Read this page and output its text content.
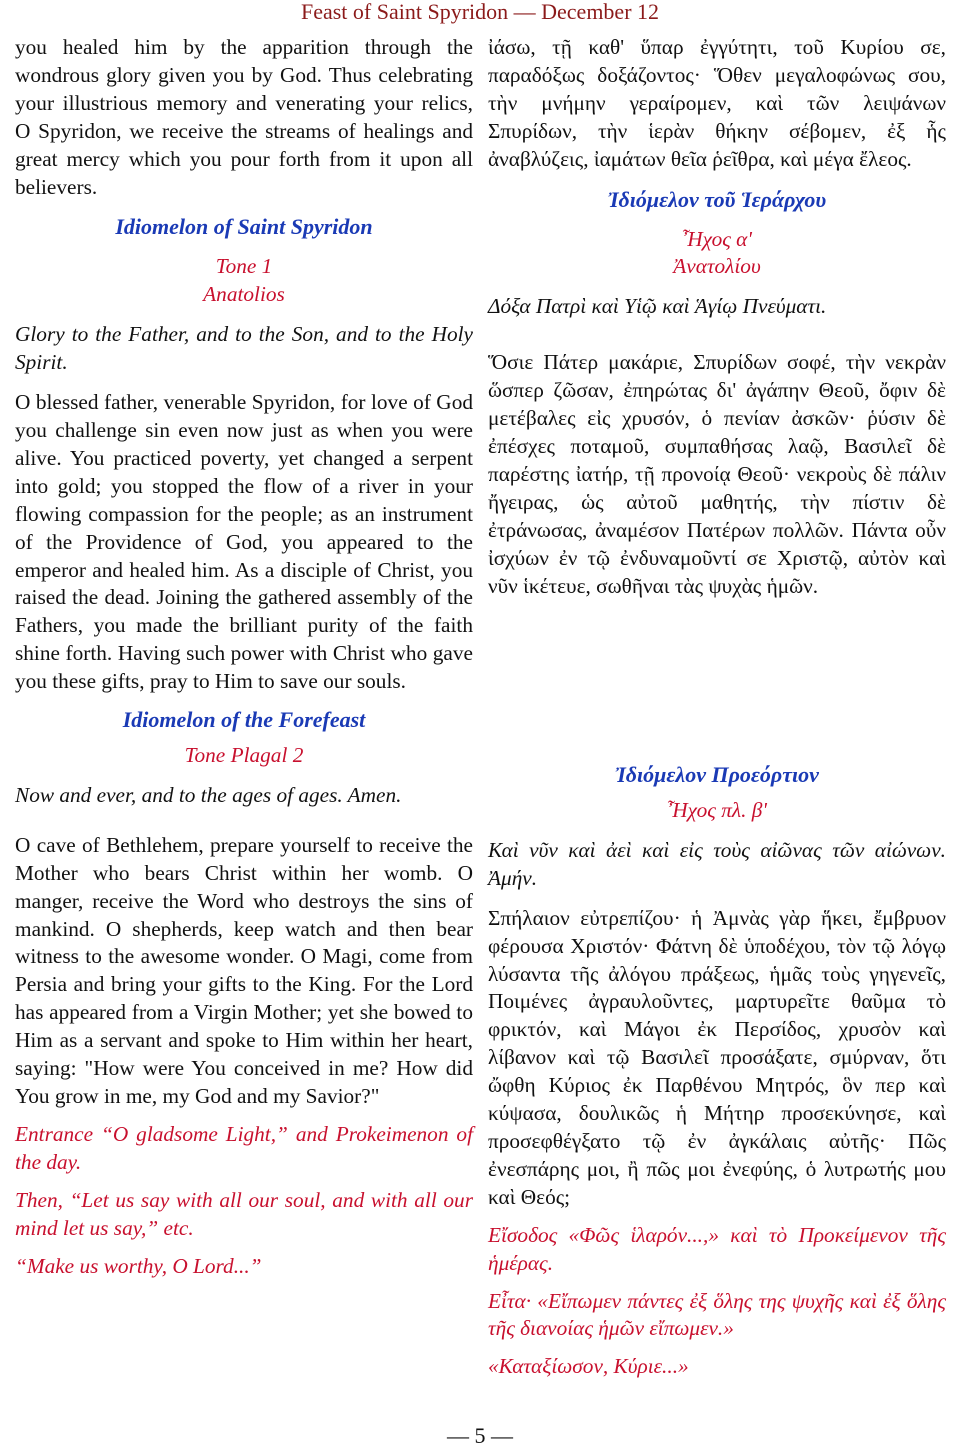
Feast of Saint Spyridon — December 12

you healed him by the apparition through the wondrous glory given you by God. Thus celebrating your illustrious memory and venerating your relics, O Spyridon, we receive the streams of healings and great mercy which you pour forth from it upon all believers.

Idiomelon of Saint Spyridon

Tone 1

Anatolios

Glory to the Father, and to the Son, and to the Holy Spirit.

O blessed father, venerable Spyridon, for love of God you challenge sin even now just as when you were alive. You practiced poverty, yet changed a serpent into gold; you stopped the flow of a river in your flowing compassion for the people; as an instrument of the Providence of God, you appeared to the emperor and healed him. As a disciple of Christ, you raised the dead. Joining the gathered assembly of the Fathers, you made the brilliant purity of the faith shine forth. Having such power with Christ who gave you these gifts, pray to Him to save our souls.

Idiomelon of the Forefeast

Tone Plagal 2

Now and ever, and to the ages of ages. Amen.

O cave of Bethlehem, prepare yourself to receive the Mother who bears Christ within her womb. O manger, receive the Word who destroys the sins of mankind. O shepherds, keep watch and then bear witness to the awesome wonder. O Magi, come from Persia and bring your gifts to the King. For the Lord has appeared from a Virgin Mother; yet she bowed to Him as a servant and spoke to Him within her heart, saying: "How were You conceived in me? How did You grow in me, my God and my Savior?"

Entrance “O gladsome Light,” and Prokeimenon of the day.

Then, “Let us say with all our soul, and with all our mind let us say,” etc.

“Make us worthy, O Lord...”

ἰάσω, τῇ καθ' ὕπαρ ἐγγύτητι, τοῦ Κυρίου σε, παραδόξως δοξάζοντος· Ὅθεν μεγαλοφώνως σου, τὴν μνήμην γεραίρομεν, καὶ τῶν λειψάνων Σπυρίδων, τὴν ἱερὰν θήκην σέβομεν, ἐξ ἧς ἀναβλύζεις, ἰαμάτων θεῖα ῥεῖθρα, καὶ μέγα ἔλεος.

Ἰδιόμελον τοῦ Ἱεράρχου

Ἦχος α'

Ἀνατολίου

Δόξα Πατρὶ καὶ Υἱῷ καὶ Ἁγίῳ Πνεύματι.

Ὅσιε Πάτερ μακάριε, Σπυρίδων σοφέ, τὴν νεκρὰν ὥσπερ ζῶσαν, ἐπηρώτας δι' ἀγάπην Θεοῦ, ὄφιν δὲ μετέβαλες εἰς χρυσόν, ὁ πενίαν ἀσκῶν· ῥύσιν δὲ ἐπέσχες ποταμοῦ, συμπαθήσας λαῷ, Βασιλεῖ δὲ παρέστης ἰατήρ, τῇ προνοίᾳ Θεοῦ· νεκροὺς δὲ πάλιν ἤγειρας, ὡς αὐτοῦ μαθητής, τὴν πίστιν δὲ ἐτράνωσας, ἀναμέσον Πατέρων πολλῶν. Πάντα οὖν ἰσχύων ἐν τῷ ἐνδυναμοῦντί σε Χριστῷ, αὐτὸν καὶ νῦν ἱκέτευε, σωθῆναι τὰς ψυχὰς ἡμῶν.

Ἰδιόμελον Προεόρτιον

Ἦχος πλ. β'

Καὶ νῦν καὶ ἀεὶ καὶ εἰς τοὺς αἰῶνας τῶν αἰώνων. Ἀμήν.

Σπήλαιον εὐτρεπίζου· ἡ Ἀμνὰς γὰρ ἥκει, ἔμβρυον φέρουσα Χριστόν· Φάτνη δὲ ὑποδέχου, τὸν τῷ λόγῳ λύσαντα τῆς ἀλόγου πράξεως, ἡμᾶς τοὺς γηγενεῖς, Ποιμένες ἀγραυλοῦντες, μαρτυρεῖτε θαῦμα τὸ φρικτόν, καὶ Μάγοι ἐκ Περσίδος, χρυσὸν καὶ λίβανον καὶ τῷ Βασιλεῖ προσάξατε, σμύρναν, ὅτι ὤφθη Κύριος ἐκ Παρθένου Μητρός, ὃν περ καὶ κύψασα, δουλικῶς ἡ Μήτηρ προσεκύνησε, καὶ προσεφθέγξατο τῷ ἐν ἀγκάλαις αὐτῆς· Πῶς ἐνεσπάρης μοι, ἢ πῶς μοι ἐνεφύης, ὁ λυτρωτής μου καὶ Θεός;

Εἴσοδος «Φῶς ἱλαρόν...,» καὶ τὸ Προκείμενον τῆς ἡμέρας.

Εἶτα· «Εἴπωμεν πάντες ἐξ ὅλης της ψυχῆς καὶ ἐξ ὅλης τῆς διανοίας ἡμῶν εἴπωμεν.»

«Καταξίωσον, Κύριε...»

— 5 —
